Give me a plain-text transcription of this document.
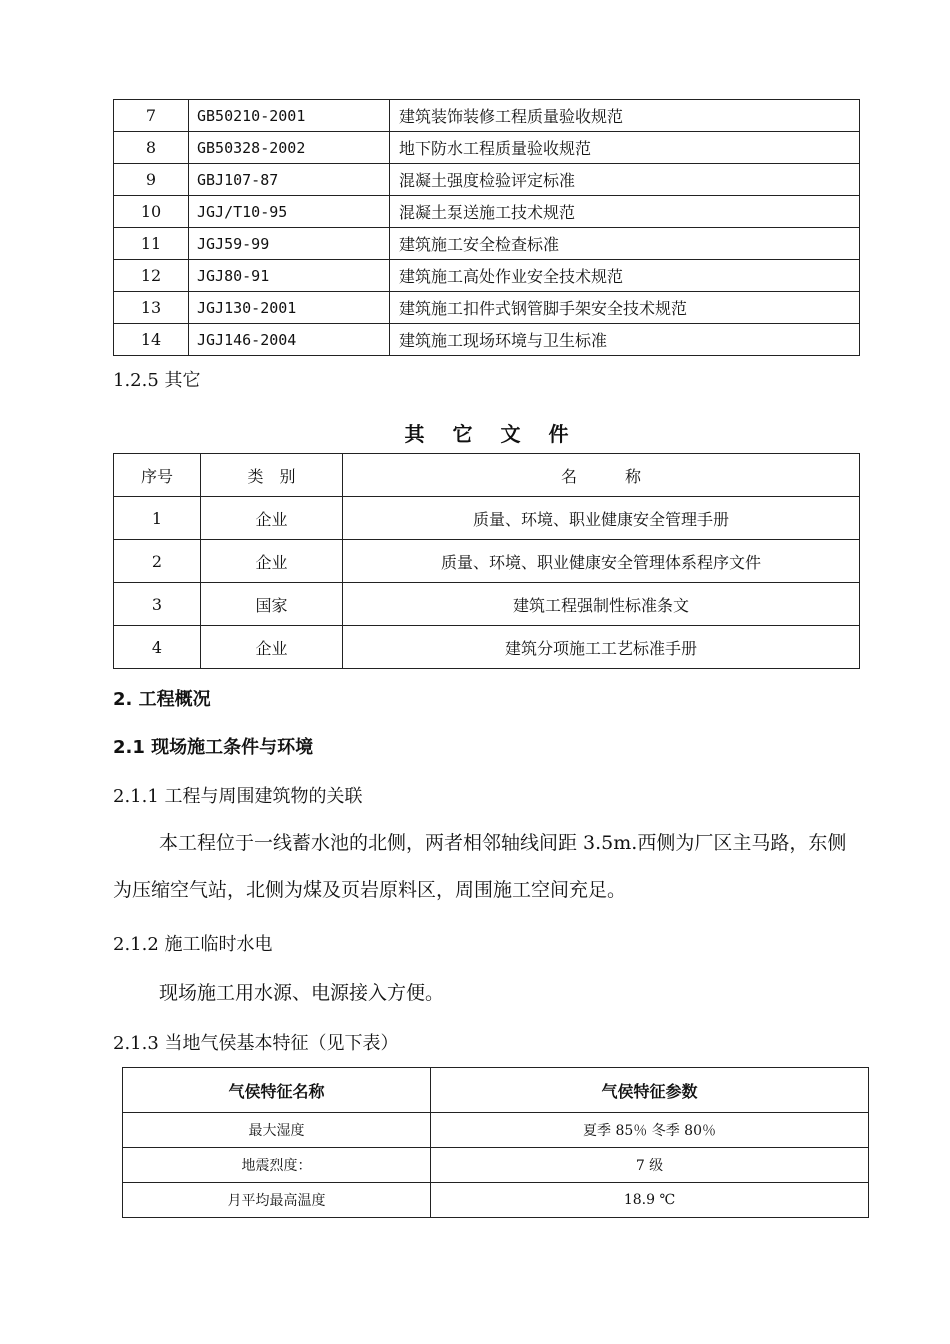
7	GB50210-2001	建筑装饰装修工程质量验收规范
8	GB50328-2002	地下防水工程质量验收规范
9	GBJ107-87	混凝土强度检验评定标准
10	JGJ/T10-95	混凝土泵送施工技术规范
11	JGJ59-99	建筑施工安全检查标准
12	JGJ80-91	建筑施工高处作业安全技术规范
13	JGJ130-2001	建筑施工扣件式钢管脚手架安全技术规范
14	JGJ146-2004	建筑施工现场环境与卫生标准
1.2.5 其它
其它文件
序号	类　别	名　　　称
1	企业	质量、环境、职业健康安全管理手册
2	企业	质量、环境、职业健康安全管理体系程序文件
3	国家	建筑工程强制性标准条文
4	企业	建筑分项施工工艺标准手册
2. 工程概况
2.1 现场施工条件与环境
2.1.1 工程与周围建筑物的关联
本工程位于一线蓄水池的北侧，两者相邻轴线间距 3.5m.西侧为厂区主马路，东侧为压缩空气站，北侧为煤及页岩原料区，周围施工空间充足。
2.1.2 施工临时水电
现场施工用水源、电源接入方便。
2.1.3 当地气侯基本特征（见下表）
气侯特征名称	气侯特征参数
最大湿度	夏季 85％ 冬季 80％
地震烈度：	7 级
月平均最高温度	18.9 ℃
